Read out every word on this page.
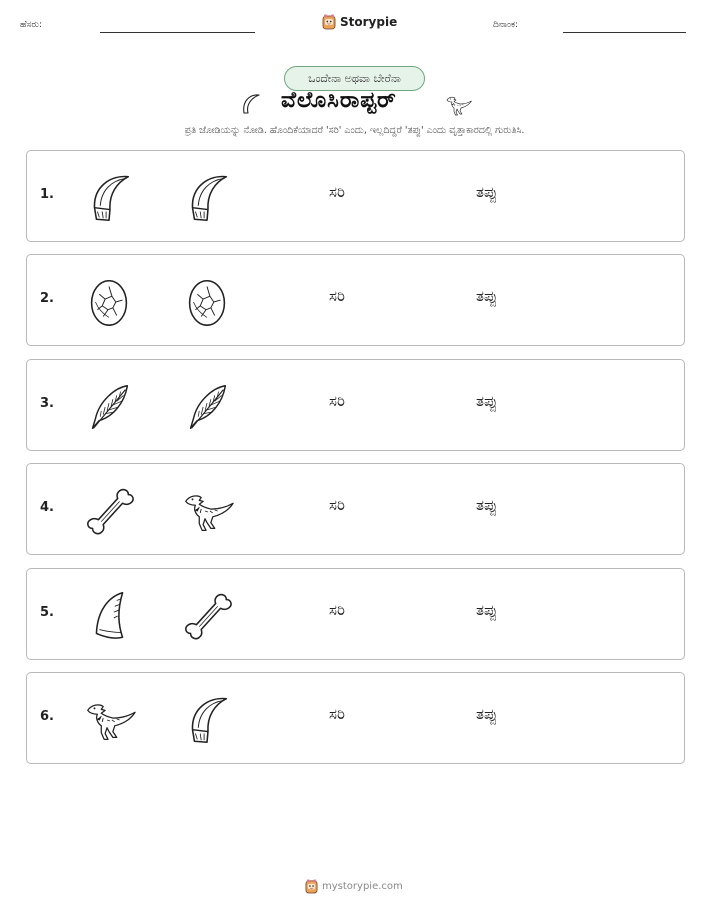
ಹೆಸರು:	Storypie	ದಿನಾಂಕ:
ಒಂದೇನಾ ಅಥವಾ ಬೇರೆನಾ
ವೆಲೊಸಿರಾಪ್ಟರ್
ಪ್ರತಿ ಜೋಡಿಯನ್ನು ನೋಡಿ. ಹೊಂದಿಕೆಯಾದರೆ 'ಸರಿ' ಎಂದು, ಇಲ್ಲದಿದ್ದರೆ 'ತಪ್ಪು' ಎಂದು ವೃತ್ತಾಕಾರದಲ್ಲಿ ಗುರುತಿಸಿ.
1.	ಸರಿ	ತಪ್ಪು
2.	ಸರಿ	ತಪ್ಪು
3.	ಸರಿ	ತಪ್ಪು
4.	ಸರಿ	ತಪ್ಪು
5.	ಸರಿ	ತಪ್ಪು
6.	ಸರಿ	ತಪ್ಪು
mystorypie.com
